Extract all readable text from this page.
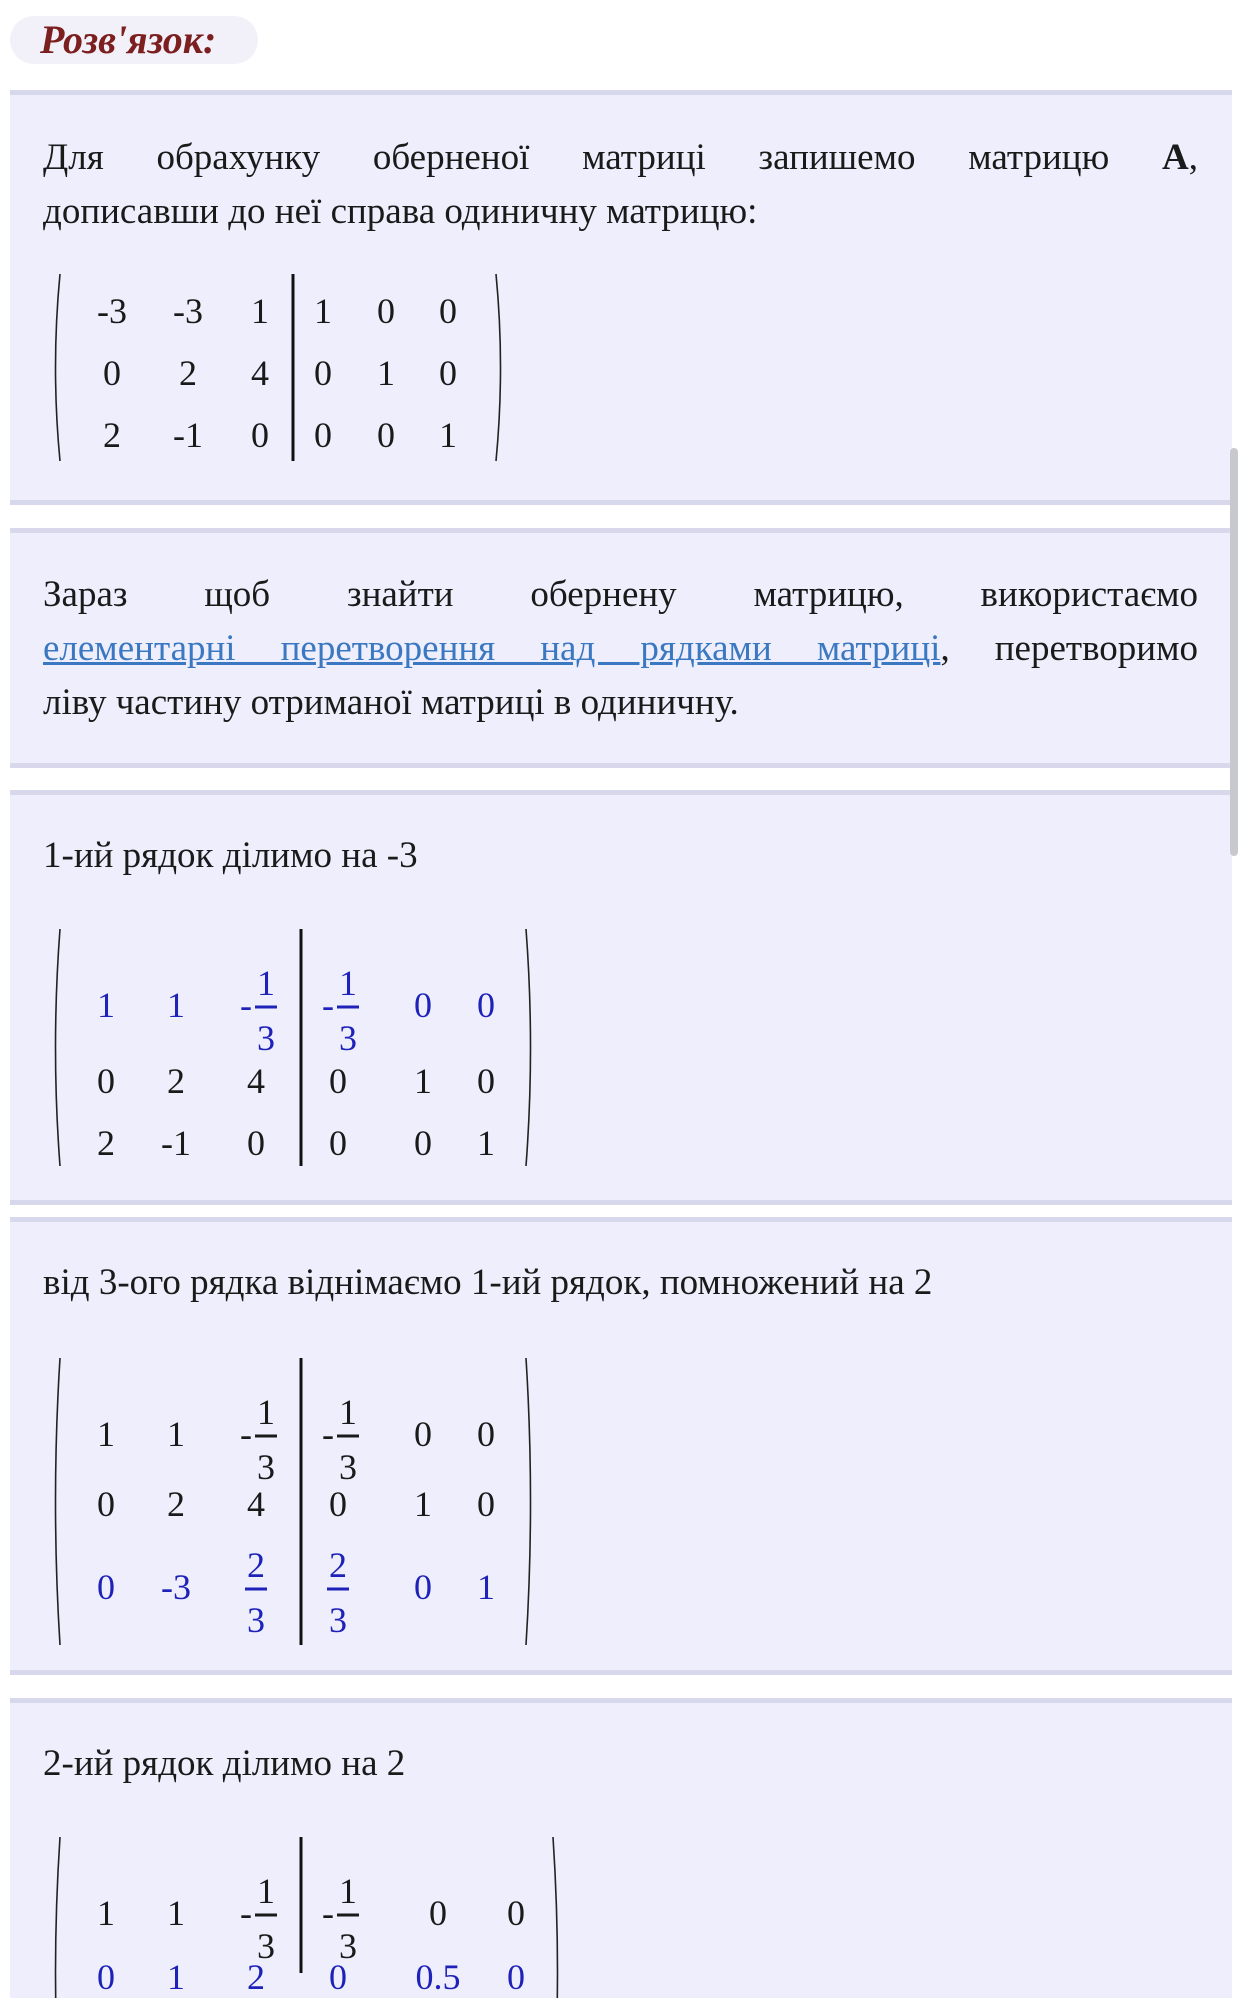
Розв'язок:
Для обрахунку оберненої матриці запишемо матрицю A,
дописавши до неї справа одиничну матрицю:
-3 -3 1 1 0 0
0 2 4 0 1 0
2 -1 0 0 0 1
Зараз щоб знайти обернену матрицю, використаємо
елементарні перетворення над рядками матриці, перетворимо
ліву частину отриманої матриці в одиничну.
1-ий рядок ділимо на -3
1 1 -
1
3
-
1
3
0 0
0 2 4 0 1 0
2 -1 0 0 0 1
від 3-ого рядка віднімаємо 1-ий рядок, помножений на 2
1 1 -
1
3
-
1
3
0 0
0 2 4 0 1 0
0 -3
2
3
2
3
0 1
2-ий рядок ділимо на 2
1 1 -
1
3
-
1
3
0 0
0 1 2 0 0.5 0
